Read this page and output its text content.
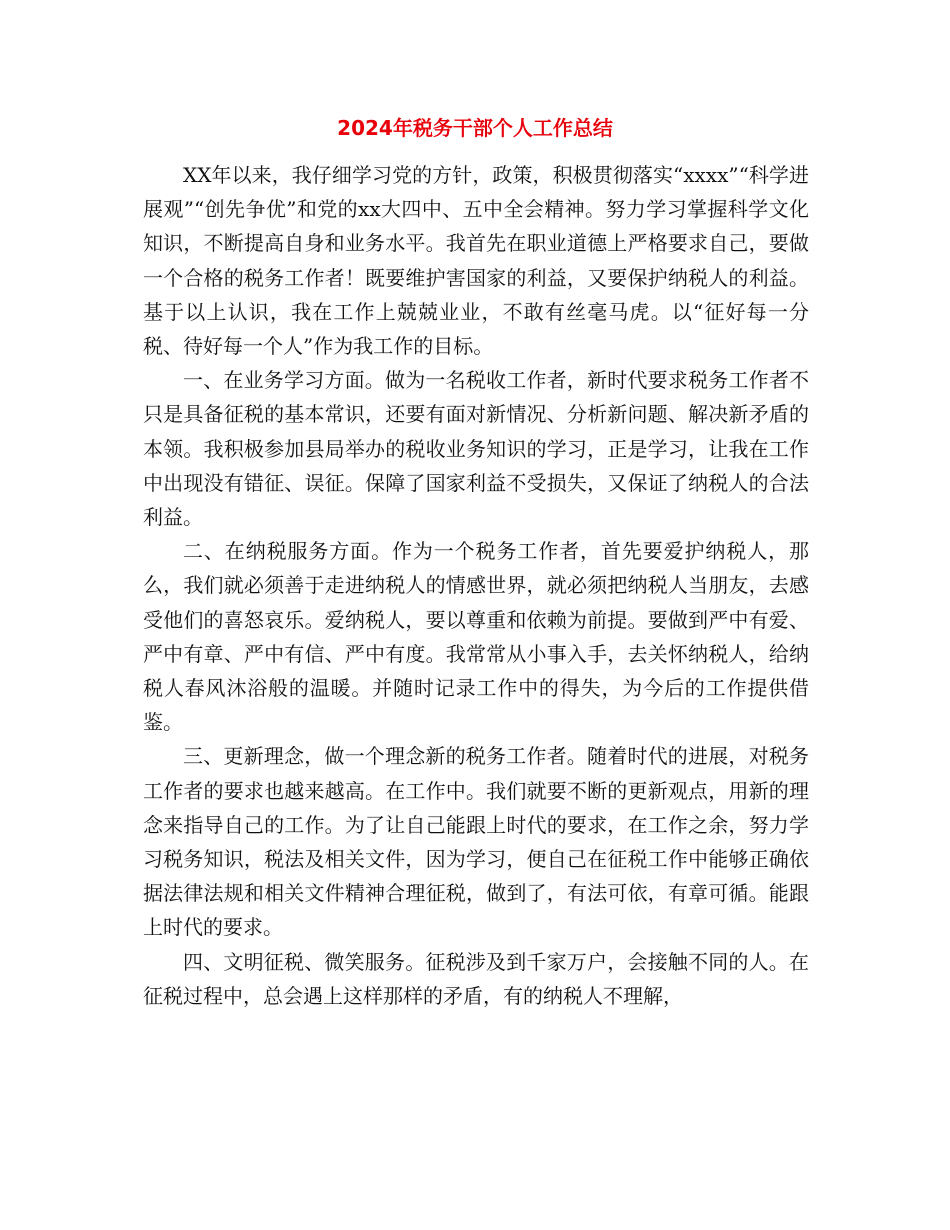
2024年税务干部个人工作总结

XX年以来，我仔细学习党的方针，政策，积极贯彻落实“xxxx”“科学进展观”“创先争优”和党的xx大四中、五中全会精神。努力学习掌握科学文化知识，不断提高自身和业务水平。我首先在职业道德上严格要求自己，要做一个合格的税务工作者！既要维护害国家的利益，又要保护纳税人的利益。基于以上认识，我在工作上兢兢业业，不敢有丝毫马虎。以“征好每一分税、待好每一个人”作为我工作的目标。

一、在业务学习方面。做为一名税收工作者，新时代要求税务工作者不只是具备征税的基本常识，还要有面对新情况、分析新问题、解决新矛盾的本领。我积极参加县局举办的税收业务知识的学习，正是学习，让我在工作中出现没有错征、误征。保障了国家利益不受损失，又保证了纳税人的合法利益。

二、在纳税服务方面。作为一个税务工作者，首先要爱护纳税人，那么，我们就必须善于走进纳税人的情感世界，就必须把纳税人当朋友，去感受他们的喜怒哀乐。爱纳税人，要以尊重和依赖为前提。要做到严中有爱、严中有章、严中有信、严中有度。我常常从小事入手，去关怀纳税人，给纳税人春风沐浴般的温暖。并随时记录工作中的得失，为今后的工作提供借鉴。

三、更新理念，做一个理念新的税务工作者。随着时代的进展，对税务工作者的要求也越来越高。在工作中。我们就要不断的更新观点，用新的理念来指导自己的工作。为了让自己能跟上时代的要求，在工作之余，努力学习税务知识，税法及相关文件，因为学习，便自己在征税工作中能够正确依据法律法规和相关文件精神合理征税，做到了，有法可依，有章可循。能跟上时代的要求。

四、文明征税、微笑服务。征税涉及到千家万户，会接触不同的人。在征税过程中，总会遇上这样那样的矛盾，有的纳税人不理解，
